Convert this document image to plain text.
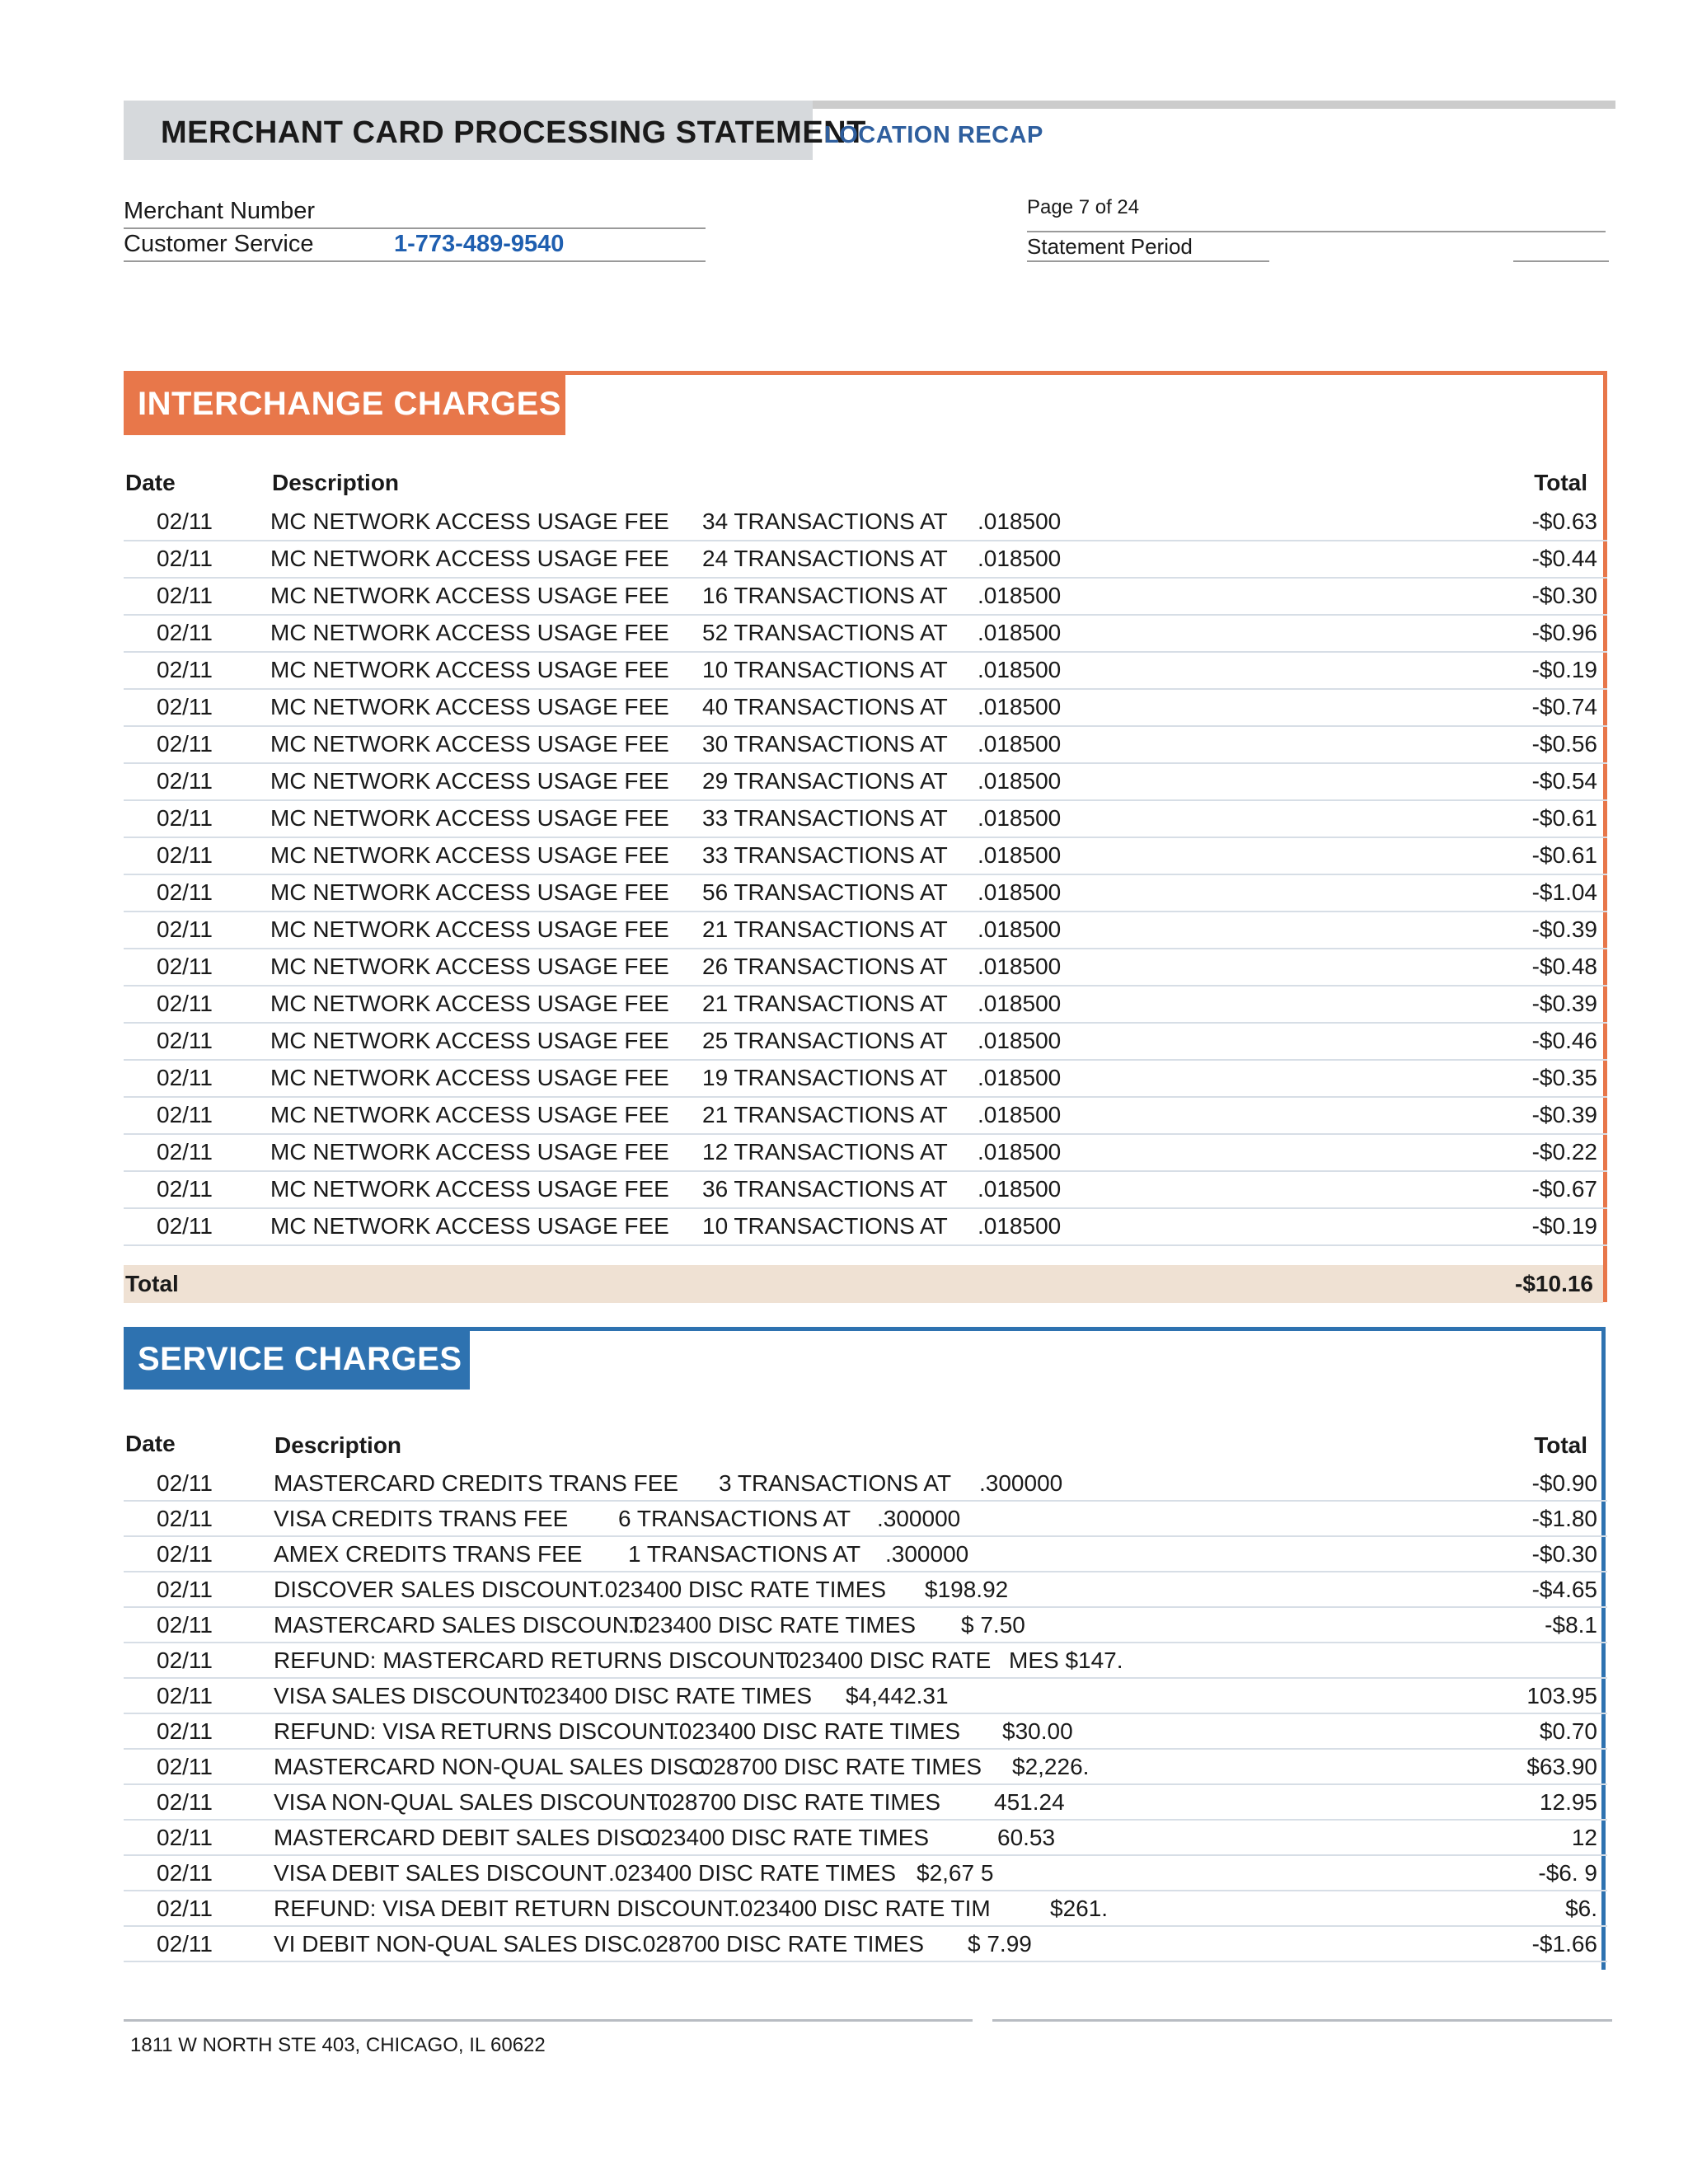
MERCHANT CARD PROCESSING STATEMENT
LOCATION RECAP
Merchant Number
Customer Service	1-773-489-9540
Page 7 of 24
Statement Period
INTERCHANGE CHARGES
Date	Description	Total
02/11	MC NETWORK ACCESS USAGE FEE 34 TRANSACTIONS AT .018500	-$0.63
02/11	MC NETWORK ACCESS USAGE FEE 24 TRANSACTIONS AT .018500	-$0.44
02/11	MC NETWORK ACCESS USAGE FEE 16 TRANSACTIONS AT .018500	-$0.30
02/11	MC NETWORK ACCESS USAGE FEE 52 TRANSACTIONS AT .018500	-$0.96
02/11	MC NETWORK ACCESS USAGE FEE 10 TRANSACTIONS AT .018500	-$0.19
02/11	MC NETWORK ACCESS USAGE FEE 40 TRANSACTIONS AT .018500	-$0.74
02/11	MC NETWORK ACCESS USAGE FEE 30 TRANSACTIONS AT .018500	-$0.56
02/11	MC NETWORK ACCESS USAGE FEE 29 TRANSACTIONS AT .018500	-$0.54
02/11	MC NETWORK ACCESS USAGE FEE 33 TRANSACTIONS AT .018500	-$0.61
02/11	MC NETWORK ACCESS USAGE FEE 33 TRANSACTIONS AT .018500	-$0.61
02/11	MC NETWORK ACCESS USAGE FEE 56 TRANSACTIONS AT .018500	-$1.04
02/11	MC NETWORK ACCESS USAGE FEE 21 TRANSACTIONS AT .018500	-$0.39
02/11	MC NETWORK ACCESS USAGE FEE 26 TRANSACTIONS AT .018500	-$0.48
02/11	MC NETWORK ACCESS USAGE FEE 21 TRANSACTIONS AT .018500	-$0.39
02/11	MC NETWORK ACCESS USAGE FEE 25 TRANSACTIONS AT .018500	-$0.46
02/11	MC NETWORK ACCESS USAGE FEE 19 TRANSACTIONS AT .018500	-$0.35
02/11	MC NETWORK ACCESS USAGE FEE 21 TRANSACTIONS AT .018500	-$0.39
02/11	MC NETWORK ACCESS USAGE FEE 12 TRANSACTIONS AT .018500	-$0.22
02/11	MC NETWORK ACCESS USAGE FEE 36 TRANSACTIONS AT .018500	-$0.67
02/11	MC NETWORK ACCESS USAGE FEE 10 TRANSACTIONS AT .018500	-$0.19
Total	-$10.16
SERVICE CHARGES
Date	Description	Total
02/11	MASTERCARD CREDITS TRANS FEE 3 TRANSACTIONS AT .300000	-$0.90
02/11	VISA CREDITS TRANS FEE 6 TRANSACTIONS AT .300000	-$1.80
02/11	AMEX CREDITS TRANS FEE 1 TRANSACTIONS AT .300000	-$0.30
02/11	DISCOVER SALES DISCOUNT
.023400 DISC RATE TIMES $198.92	-$4.65
02/11	MASTERCARD SALES DISCOUNT
.023400 DISC RATE TIMES $ 7.50	-$8.1
02/11	REFUND: MASTERCARD RETURNS DISCOUNT
.023400 DISC RATE MES $147.
02/11	VISA SALES DISCOUNT
.023400 DISC RATE TIMES $4,442.31	103.95
02/11	REFUND: VISA RETURNS DISCOUNT
.023400 DISC RATE TIMES $30.00	$0.70
02/11	MASTERCARD NON-QUAL SALES DISC
.028700 DISC RATE TIMES $2,226.	$63.90
02/11	VISA NON-QUAL SALES DISCOUNT
.028700 DISC RATE TIMES 451.24	12.95
02/11	MASTERCARD DEBIT SALES DISC
.023400 DISC RATE TIMES	60.53	12
02/11	VISA DEBIT SALES DISCOUNT .023400 DISC RATE TIMES $2,67 5	-$6. 9
02/11	REFUND: VISA DEBIT RETURN DISCOUNT
.023400 DISC RATE TIM	$261.	$6.
02/11	VI DEBIT NON-QUAL SALES DISC
.028700 DISC RATE TIMES $ 7.99	-$1.66
1811 W NORTH STE 403, CHICAGO, IL 60622
